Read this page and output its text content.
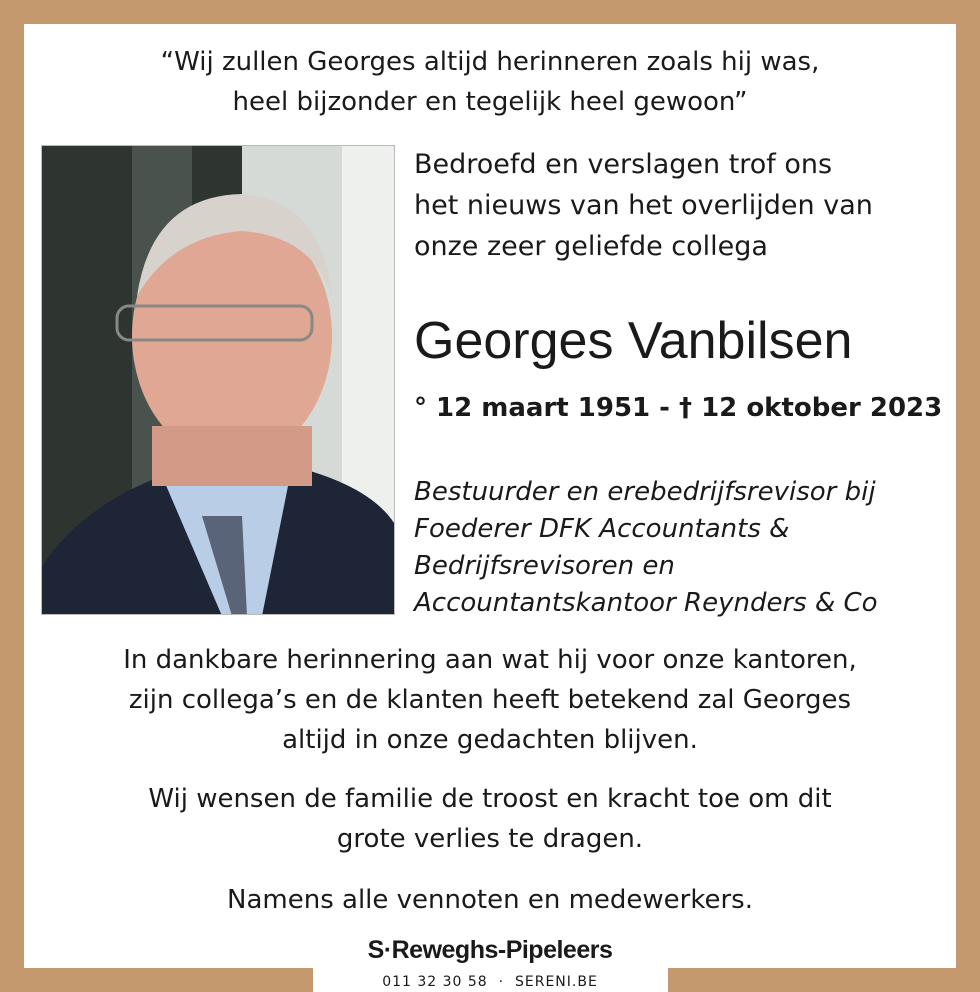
“Wij zullen Georges altijd herinneren zoals hij was,
heel bijzonder en tegelijk heel gewoon”
Bedroefd en verslagen trof ons
het nieuws van het overlijden van
onze zeer geliefde collega
Georges Vanbilsen
° 12 maart 1951 - † 12 oktober 2023
Bestuurder en erebedrijfsrevisor bij
Foederer DFK Accountants &
Bedrijfsrevisoren en
Accountantskantoor Reynders & Co
In dankbare herinnering aan wat hij voor onze kantoren,
zijn collega’s en de klanten heeft betekend zal Georges
altijd in onze gedachten blijven.
Wij wensen de familie de troost en kracht toe om dit
grote verlies te dragen.
Namens alle vennoten en medewerkers.
S·Reweghs-Pipeleers
011 32 30 58 · SERENI.BE
